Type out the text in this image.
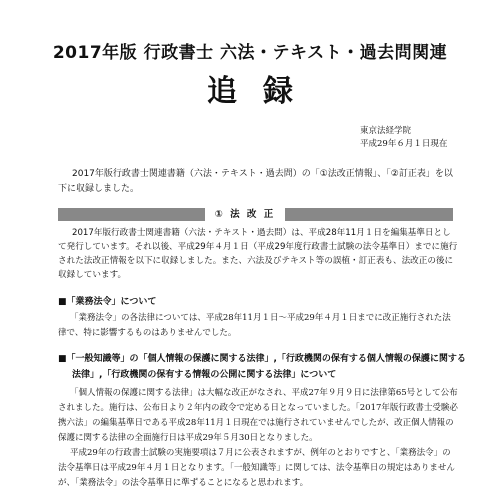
2017年版 行政書士 六法・テキスト・過去問関連
追録
東京法経学院
平成29年６月１日現在

2017年版行政書士関連書籍（六法・テキスト・過去問）の「①法改正情報」、「②訂正表」を以下に収録しました。

① 法 改 正

2017年版行政書士関連書籍（六法・テキスト・過去問）は、平成28年11月１日を編集基準日として発行しています。それ以後、平成29年４月１日（平成29年度行政書士試験の法令基準日）までに施行された法改正情報を以下に収録しました。また、六法及びテキスト等の誤植・訂正表も、法改正の後に収録しています。

■「業務法令」について

「業務法令」の各法律については、平成28年11月１日～平成29年４月１日までに改正施行された法律で、特に影響するものはありませんでした。

■「一般知識等」の「個人情報の保護に関する法律」,「行政機関の保有する個人情報の保護に関する
法律」,「行政機関の保有する情報の公開に関する法律」について

「個人情報の保護に関する法律」は大幅な改正がなされ、平成27年９月９日に法律第65号として公布されました。施行は、公布日より２年内の政令で定める日となっていました。「2017年版行政書士受験必携六法」の編集基準日である平成28年11月１日現在では施行されていませんでしたが、改正個人情報の保護に関する法律の全面施行日は平成29年５月30日となりました。

平成29年の行政書士試験の実施要項は７月に公表されますが、例年のとおりですと、「業務法令」の法令基準日は平成29年４月１日となります。「一般知識等」に関しては、法令基準日の規定はありませんが、「業務法令」の法令基準日に準ずることになると思われます。
